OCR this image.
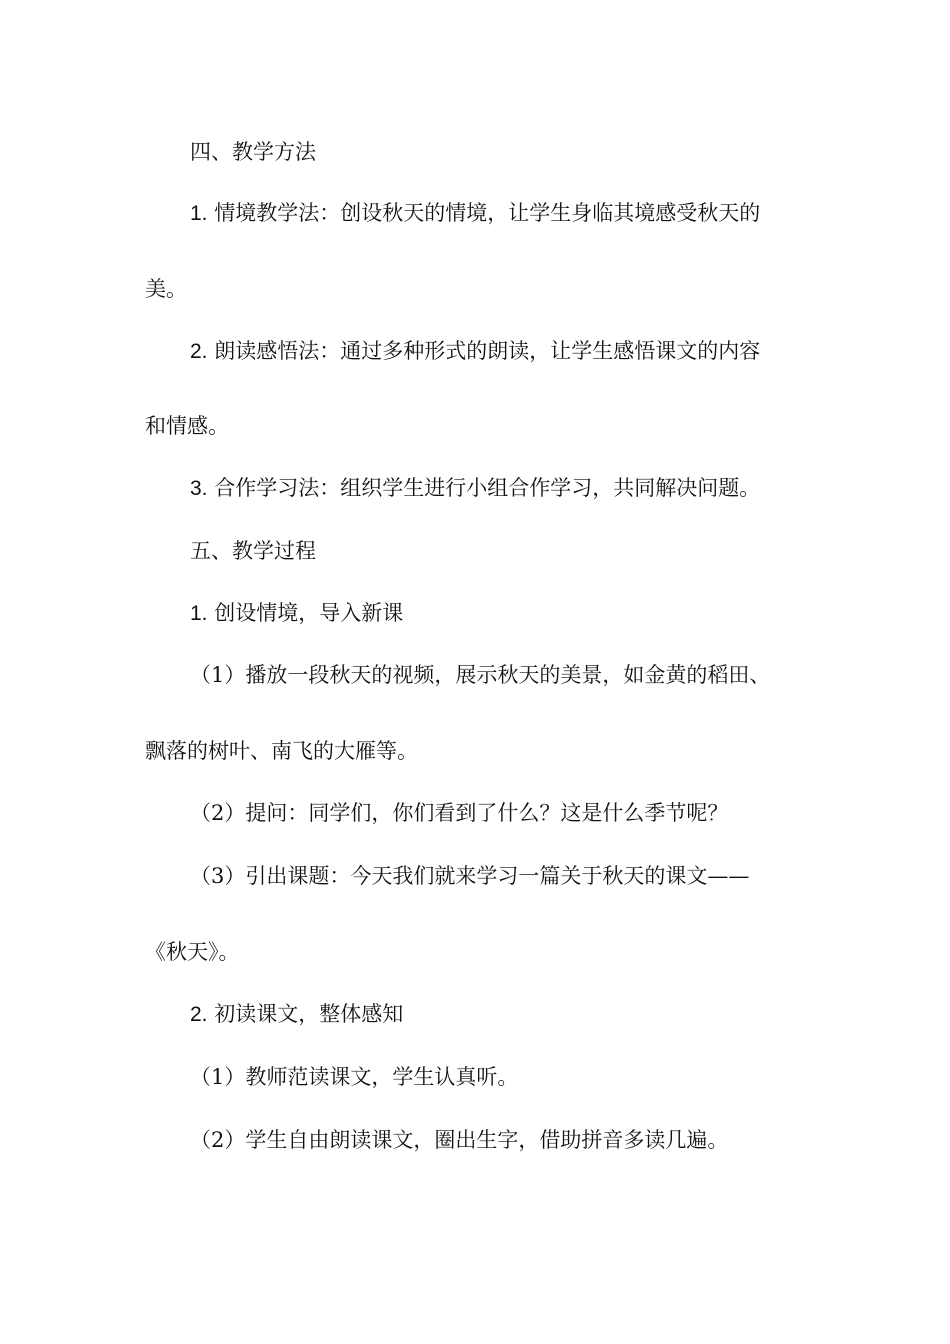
四、教学方法
1. 情境教学法：创设秋天的情境，让学生身临其境感受秋天的
美。
2. 朗读感悟法：通过多种形式的朗读，让学生感悟课文的内容
和情感。
3. 合作学习法：组织学生进行小组合作学习，共同解决问题。
五、教学过程
1. 创设情境，导入新课
（1）播放一段秋天的视频，展示秋天的美景，如金黄的稻田、
飘落的树叶、南飞的大雁等。
（2）提问：同学们，你们看到了什么？这是什么季节呢？
（3）引出课题：今天我们就来学习一篇关于秋天的课文——
《秋天》。
2. 初读课文，整体感知
（1）教师范读课文，学生认真听。
（2）学生自由朗读课文，圈出生字，借助拼音多读几遍。
